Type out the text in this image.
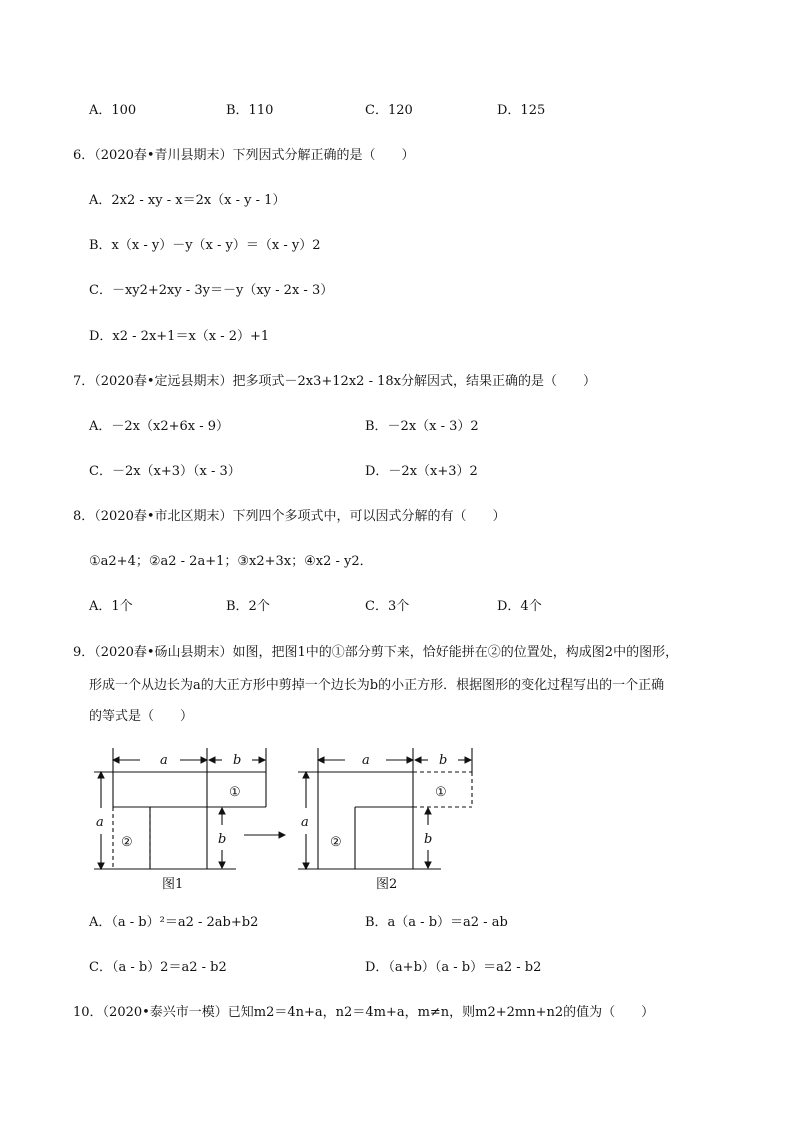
A．100	B．110	C．120	D．125
6．（2020春•青川县期末）下列因式分解正确的是（　　）
A．2x2 - xy - x＝2x（x - y - 1）
B．x（x - y）－y（x - y）＝（x - y）2
C．－xy2+2xy - 3y＝－y（xy - 2x - 3）
D．x2 - 2x+1＝x（x - 2）+1
7．（2020春•定远县期末）把多项式－2x3+12x2 - 18x分解因式，结果正确的是（　　）
A．－2x（x2+6x - 9）	B．－2x（x - 3）2
C．－2x（x+3）（x - 3）	D．－2x（x+3）2
8．（2020春•市北区期末）下列四个多项式中，可以因式分解的有（　　）
①a2+4；②a2 - 2a+1；③x2+3x；④x2 - y2．
A．1个	B．2个	C．3个	D．4个
9．（2020春•砀山县期末）如图，把图1中的①部分剪下来，恰好能拼在②的位置处，构成图2中的图形，
形成一个从边长为a的大正方形中剪掉一个边长为b的小正方形．根据图形的变化过程写出的一个正确
的等式是（　　）
a	b
①
a
②	b
图1
a	b
①
a
②	b
图2
A．（a - b）²＝a2 - 2ab+b2	B．a（a - b）＝a2 - ab
C．（a - b）2＝a2 - b2	D．（a+b）（a - b）＝a2 - b2
10．（2020•泰兴市一模）已知m2＝4n+a，n2＝4m+a，m≠n，则m2+2mn+n2的值为（　　）
